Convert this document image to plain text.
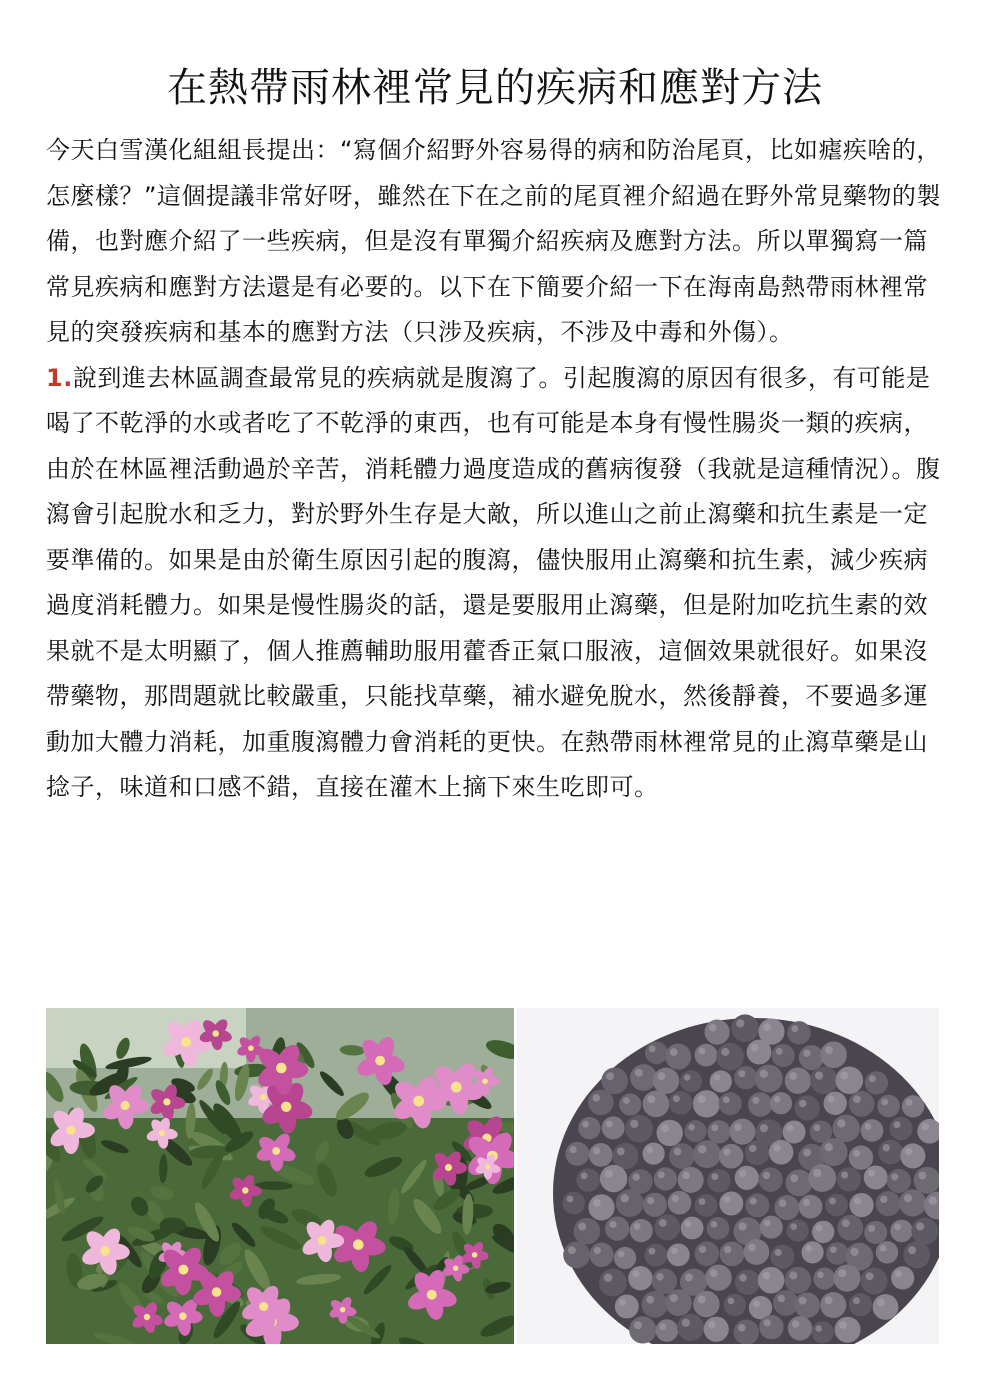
在熱帶雨林裡常見的疾病和應對方法

今天白雪漢化組組長提出：“寫個介紹野外容易得的病和防治尾頁，比如瘧疾啥的，怎麼樣？”這個提議非常好呀，雖然在下在之前的尾頁裡介紹過在野外常見藥物的製備，也對應介紹了一些疾病，但是沒有單獨介紹疾病及應對方法。所以單獨寫一篇常見疾病和應對方法還是有必要的。以下在下簡要介紹一下在海南島熱帶雨林裡常見的突發疾病和基本的應對方法（只涉及疾病，不涉及中毒和外傷）。

1.說到進去林區調查最常見的疾病就是腹瀉了。引起腹瀉的原因有很多，有可能是喝了不乾淨的水或者吃了不乾淨的東西，也有可能是本身有慢性腸炎一類的疾病，由於在林區裡活動過於辛苦，消耗體力過度造成的舊病復發（我就是這種情況）。腹瀉會引起脫水和乏力，對於野外生存是大敵，所以進山之前止瀉藥和抗生素是一定要準備的。如果是由於衛生原因引起的腹瀉，儘快服用止瀉藥和抗生素，減少疾病過度消耗體力。如果是慢性腸炎的話，還是要服用止瀉藥，但是附加吃抗生素的效果就不是太明顯了，個人推薦輔助服用藿香正氣口服液，這個效果就很好。如果沒帶藥物，那問題就比較嚴重，只能找草藥，補水避免脫水，然後靜養，不要過多運動加大體力消耗，加重腹瀉體力會消耗的更快。在熱帶雨林裡常見的止瀉草藥是山捻子，味道和口感不錯，直接在灌木上摘下來生吃即可。
